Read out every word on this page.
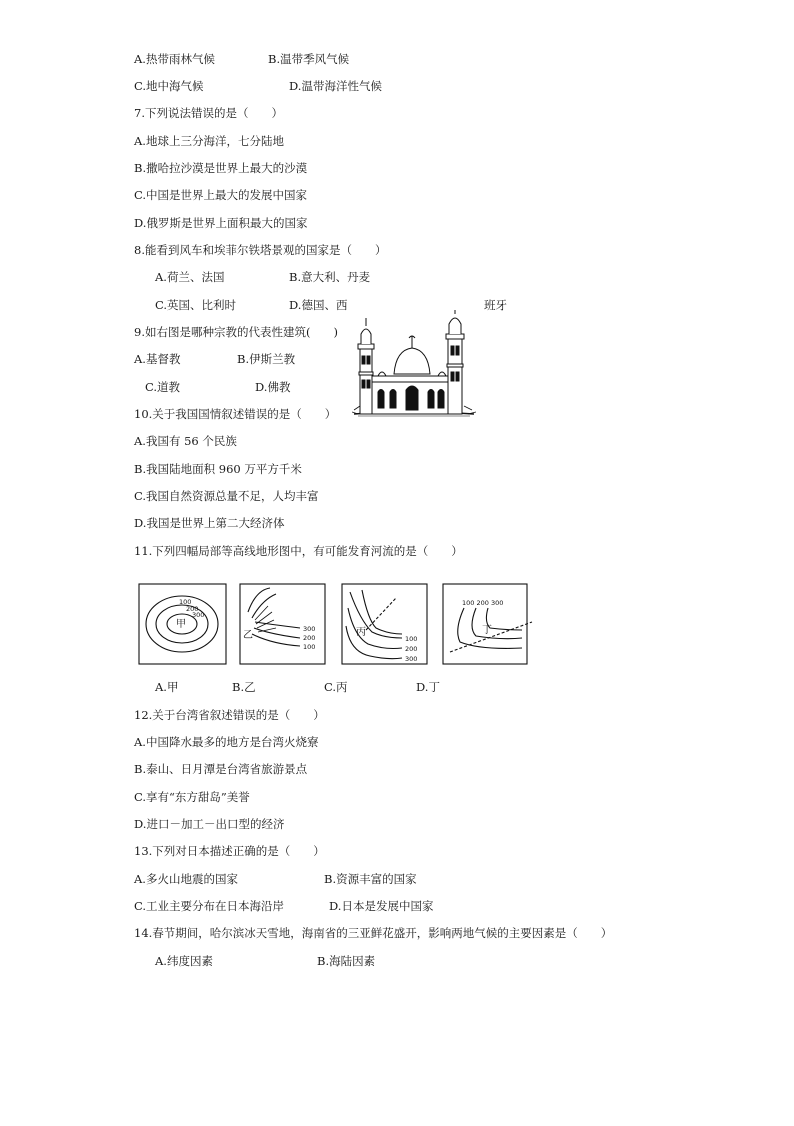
A.热带雨林气候	B.温带季风气候
C.地中海气候	D.温带海洋性气候
7.下列说法错误的是（　　）
A.地球上三分海洋，七分陆地
B.撒哈拉沙漠是世界上最大的沙漠
C.中国是世界上最大的发展中国家
D.俄罗斯是世界上面积最大的国家
8.能看到风车和埃菲尔铁塔景观的国家是（　　）
A.荷兰、法国	B.意大利、丹麦
C.英国、比利时	D.德国、西	班牙
9.如右图是哪种宗教的代表性建筑(　　)
A.基督教	B.伊斯兰教
C.道教	D.佛教
10.关于我国国情叙述错误的是（　　）
A.我国有 56 个民族
B.我国陆地面积 960 万平方千米
C.我国自然资源总量不足，人均丰富
D.我国是世界上第二大经济体
11.下列四幅局部等高线地形图中，有可能发育河流的是（　　）
100
200
300
甲	300
200
100
乙	100
200
300
丙
100 200 300
丁
A.甲	B.乙	C.丙	D.丁
12.关于台湾省叙述错误的是（　　）
A.中国降水最多的地方是台湾火烧寮
B.泰山、日月潭是台湾省旅游景点
C.享有“东方甜岛”美誉
D.进口－加工－出口型的经济
13.下列对日本描述正确的是（　　）
A.多火山地震的国家	B.资源丰富的国家
C.工业主要分布在日本海沿岸	D.日本是发展中国家
14.春节期间，哈尔滨冰天雪地，海南省的三亚鲜花盛开，影响两地气候的主要因素是（　　）
A.纬度因素	B.海陆因素
